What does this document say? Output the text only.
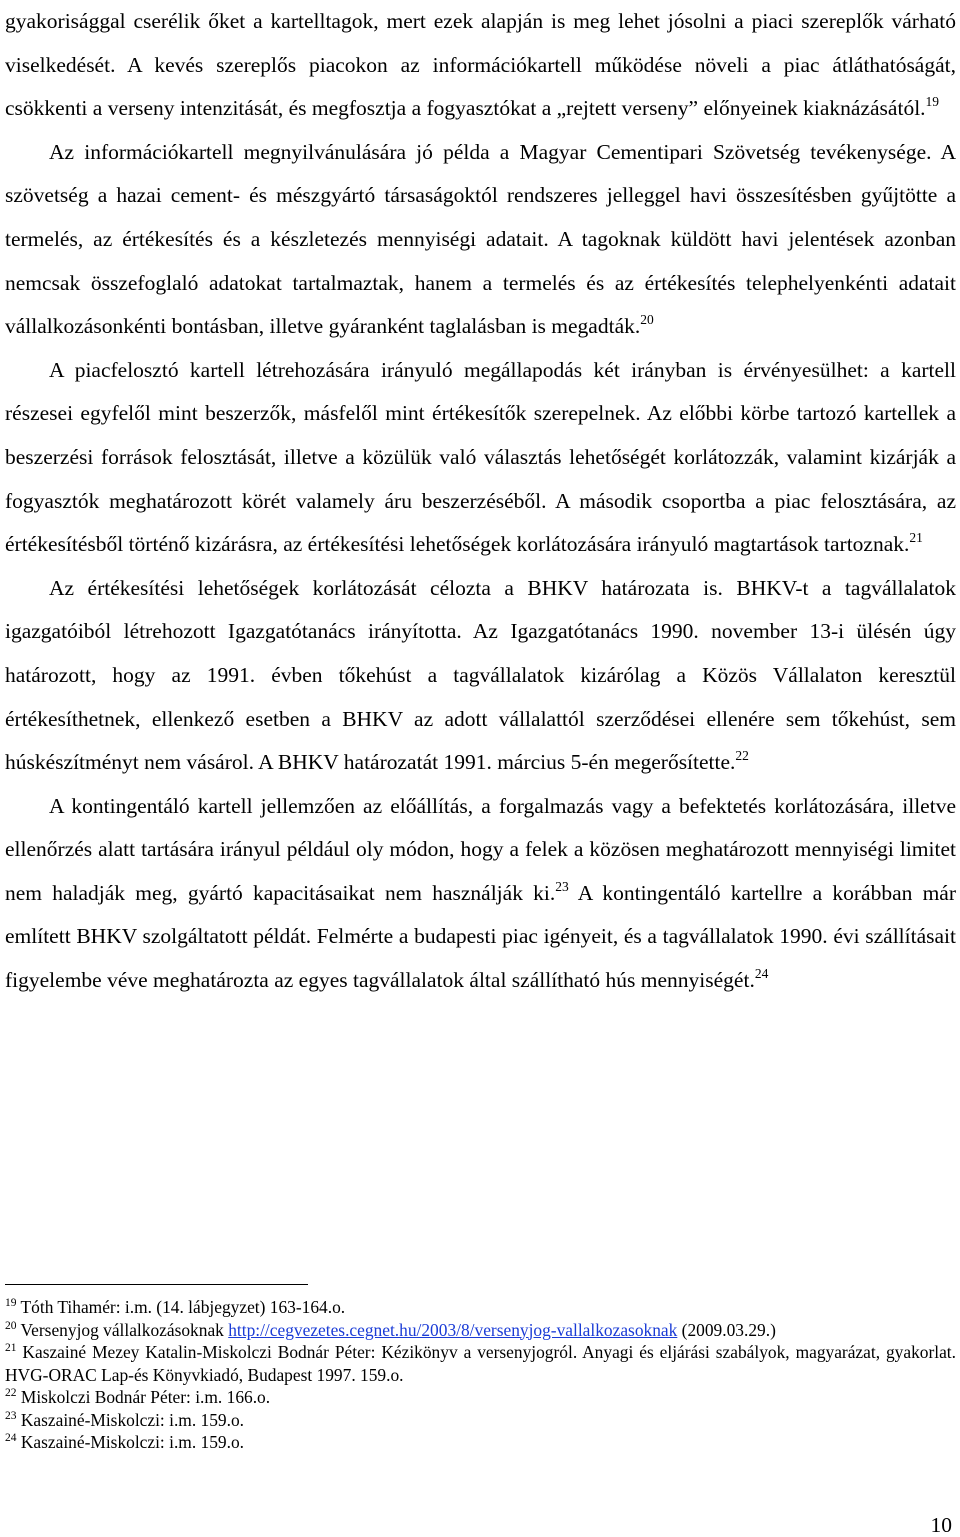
gyakorisággal cserélik őket a kartelltagok, mert ezek alapján is meg lehet jósolni a piaci szereplők várható viselkedését. A kevés szereplős piacokon az információkartell működése növeli a piac átláthatóságát, csökkenti a verseny intenzitását, és megfosztja a fogyasztókat a „rejtett verseny” előnyeinek kiaknázásától.$^{19}$

Az információkartell megnyilvánulására jó példa a Magyar Cementipari Szövetség tevékenysége. A szövetség a hazai cement- és mészgyártó társaságoktól rendszeres jelleggel havi összesítésben gyűjtötte a termelés, az értékesítés és a készletezés mennyiségi adatait. A tagoknak küldött havi jelentések azonban nemcsak összefoglaló adatokat tartalmaztak, hanem a termelés és az értékesítés telephelyenkénti adatait vállalkozásonkénti bontásban, illetve gyáranként taglalásban is megadták.$^{20}$

A piacfelosztó kartell létrehozására irányuló megállapodás két irányban is érvényesülhet: a kartell részesei egyfelől mint beszerzők, másfelől mint értékesítők szerepelnek. Az előbbi körbe tartozó kartellek a beszerzési források felosztását, illetve a közülük való választás lehetőségét korlátozzák, valamint kizárják a fogyasztók meghatározott körét valamely áru beszerzéséből. A második csoportba a piac felosztására, az értékesítésből történő kizárásra, az értékesítési lehetőségek korlátozására irányuló magtartások tartoznak.$^{21}$

Az értékesítési lehetőségek korlátozását célozta a BHKV határozata is. BHKV-t a tagvállalatok igazgatóiból létrehozott Igazgatótanács irányította. Az Igazgatótanács 1990. november 13-i ülésén úgy határozott, hogy az 1991. évben tőkehúst a tagvállalatok kizárólag a Közös Vállalaton keresztül értékesíthetnek, ellenkező esetben a BHKV az adott vállalattól szerződései ellenére sem tőkehúst, sem húskészítményt nem vásárol. A BHKV határozatát 1991. március 5-én megerősítette.$^{22}$

A kontingentáló kartell jellemzően az előállítás, a forgalmazás vagy a befektetés korlátozására, illetve ellenőrzés alatt tartására irányul például oly módon, hogy a felek a közösen meghatározott mennyiségi limitet nem haladják meg, gyártó kapacitásaikat nem használják ki.$^{23}$ A kontingentáló kartellre a korábban már említett BHKV szolgáltatott példát. Felmérte a budapesti piac igényeit, és a tagvállalatok 1990. évi szállításait figyelembe véve meghatározta az egyes tagvállalatok által szállítható hús mennyiségét.$^{24}$

$^{19}$ Tóth Tihamér: i.m. (14. lábjegyzet) 163-164.o.

$^{20}$ Versenyjog vállalkozásoknak http://cegvezetes.cegnet.hu/2003/8/versenyjog-vallalkozasoknak (2009.03.29.)

$^{21}$ Kaszainé Mezey Katalin-Miskolczi Bodnár Péter: Kézikönyv a versenyjogról. Anyagi és eljárási szabályok, magyarázat, gyakorlat. HVG-ORAC Lap-és Könyvkiadó, Budapest 1997. 159.o.

$^{22}$ Miskolczi Bodnár Péter: i.m. 166.o.

$^{23}$ Kaszainé-Miskolczi: i.m. 159.o.

$^{24}$ Kaszainé-Miskolczi: i.m. 159.o.

10
